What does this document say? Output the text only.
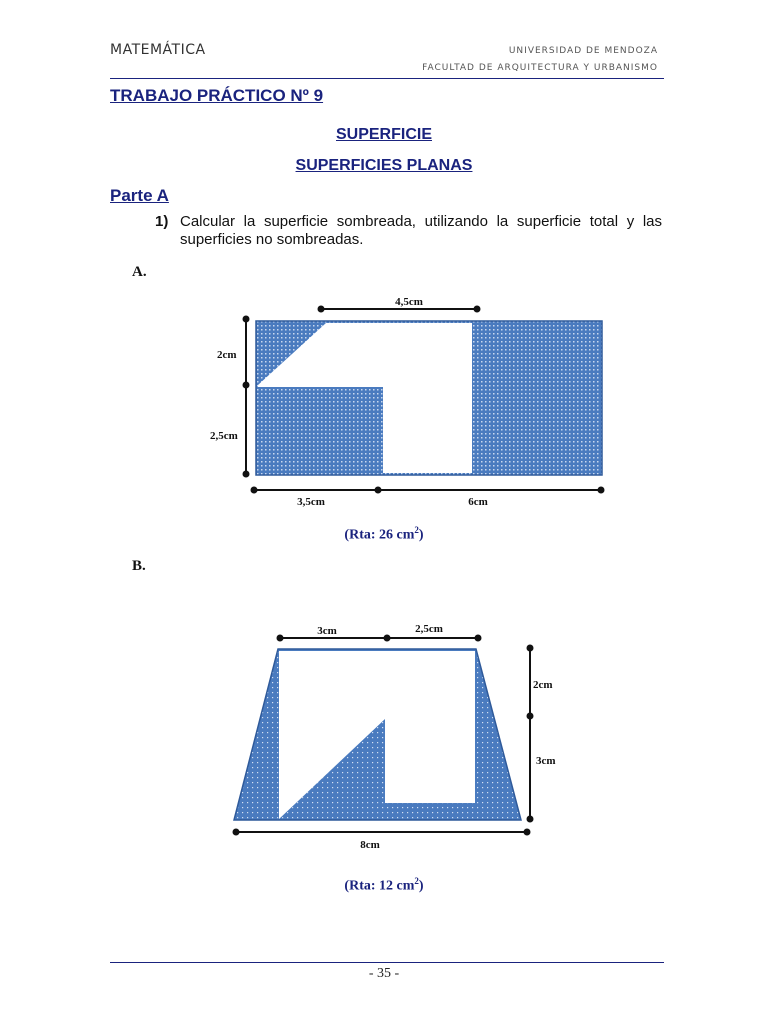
MATEMÁTICA	UNIVERSIDAD DE MENDOZA
FACULTAD DE ARQUITECTURA Y URBANISMO
TRABAJO PRÁCTICO Nº 9
SUPERFICIE
SUPERFICIES PLANAS
Parte A
1) Calcular la superficie sombreada, utilizando la superficie total y las superficies no sombreadas.
A.
B.
4,5cm
2cm
2,5cm
3,5cm	6cm
3cm	2,5cm
2cm
3cm
8cm
(Rta: 26 $cm^2$)
(Rta: 12 $cm^2$)
- 35 -
